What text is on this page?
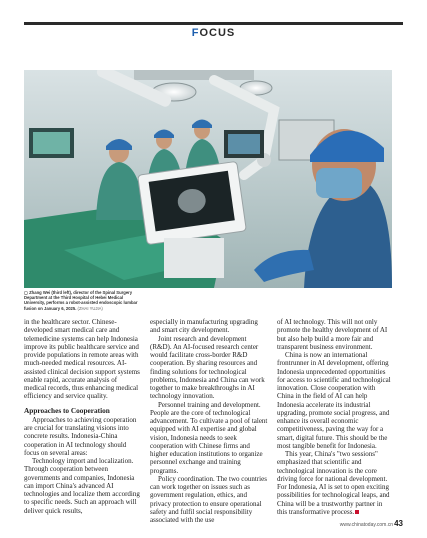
FOCUS
▢ Zhang Wei (third left), director of the Spinal Surgery Department at the Third Hospital of Hebei Medical University, performs a robot-assisted endoscopic lumbar fusion on January 6, 2025. (ZHAI YUJIA)

in the healthcare sector. Chinese-developed smart medical care and telemedicine systems can help Indonesia improve its public healthcare service and provide populations in remote areas with much-needed medical resources. AI-assisted clinical decision support systems enable rapid, accurate analysis of medical records, thus enhancing medical efficiency and service quality.

Approaches to Cooperation

Approaches to achieving cooperation are crucial for translating visions into concrete results. Indonesia-China cooperation in AI technology should focus on several areas:

Technology import and localization. Through cooperation between governments and companies, Indonesia can import China's advanced AI technologies and localize them according to specific needs. Such an approach will deliver quick results,

especially in manufacturing upgrading and smart city development.

Joint research and development (R&D). An AI-focused research center would facilitate cross-border R&D cooperation. By sharing resources and finding solutions for technological problems, Indonesia and China can work together to make breakthroughs in AI technology innovation.

Personnel training and development. People are the core of technological advancement. To cultivate a pool of talent equipped with AI expertise and global vision, Indonesia needs to seek cooperation with Chinese firms and higher education institutions to organize personnel exchange and training programs.

Policy coordination. The two countries can work together on issues such as government regulation, ethics, and privacy protection to ensure operational safety and fulfil social responsibility associated with the use

of AI technology. This will not only promote the healthy development of AI but also help build a more fair and transparent business environment.

China is now an international frontrunner in AI development, offering Indonesia unprecedented opportunities for access to scientific and technological innovation. Close cooperation with China in the field of AI can help Indonesia accelerate its industrial upgrading, promote social progress, and enhance its overall economic competitiveness, paving the way for a smart, digital future. This should be the most tangible benefit for Indonesia.

This year, China's "two sessions" emphasized that scientific and technological innovation is the core driving force for national development. For Indonesia, AI is set to open exciting possibilities for technological leaps, and China will be a trustworthy partner in this transformative process.

www.chinatoday.com.cn 43
